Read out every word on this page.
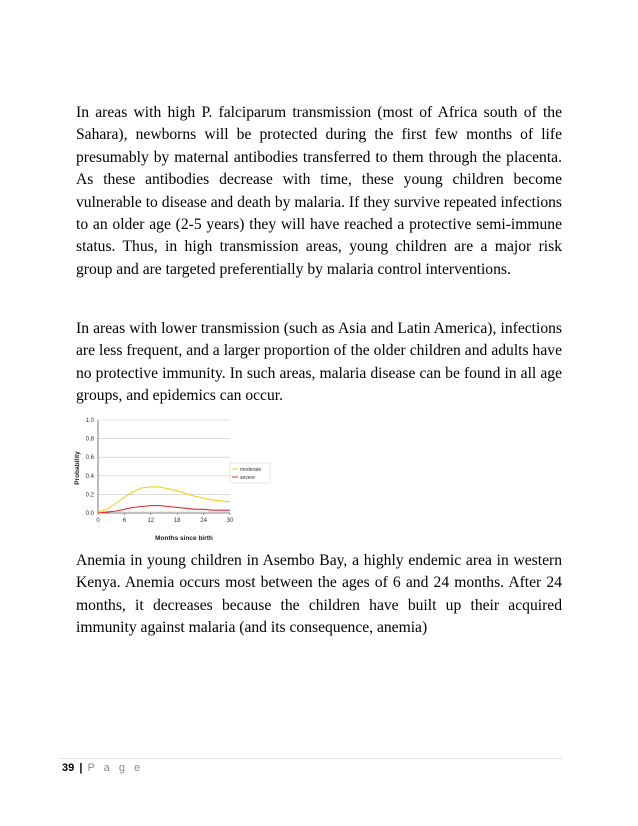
In areas with high P. falciparum transmission (most of Africa south of the Sahara), newborns will be protected during the first few months of life presumably by maternal antibodies transferred to them through the placenta. As these antibodies decrease with time, these young children become vulnerable to disease and death by malaria. If they survive repeated infections to an older age (2-5 years) they will have reached a protective semi-immune status. Thus, in high transmission areas, young children are a major risk group and are targeted preferentially by malaria control interventions.

In areas with lower transmission (such as Asia and Latin America), infections are less frequent, and a larger proportion of the older children and adults have no protective immunity. In such areas, malaria disease can be found in all age groups, and epidemics can occur.

0.0
0.2
0.4
0.6
0.8
1.0
0	6	12	18	24	30
Months since birth
Probability	moderate
severe

Anemia in young children in Asembo Bay, a highly endemic area in western Kenya. Anemia occurs most between the ages of 6 and 24 months. After 24 months, it decreases because the children have built up their acquired immunity against malaria (and its consequence, anemia)

39 | P a g e
